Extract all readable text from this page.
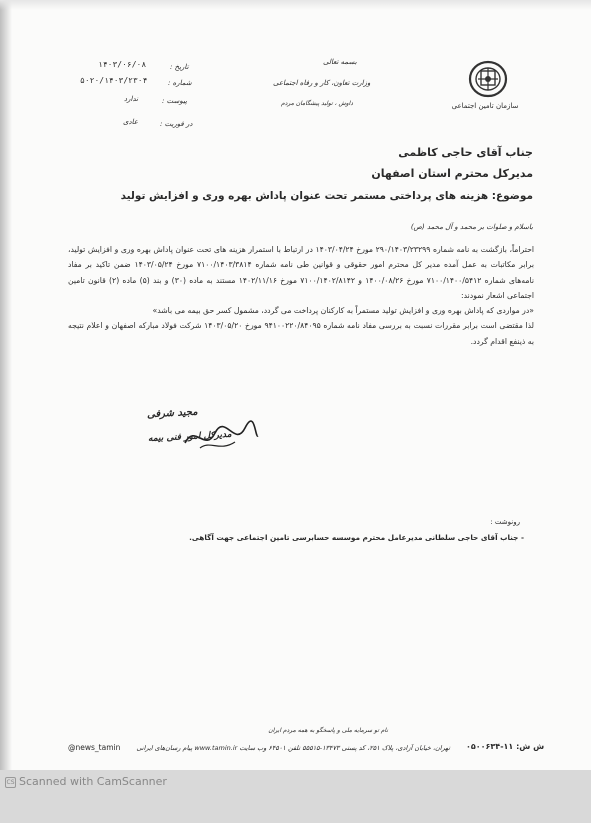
سازمان تامین اجتماعی
بسمه تعالی
وزارت تعاون، کار و رفاه اجتماعی
داوش ، تولید پیشگامان مردم
تاریخ :
۱۴۰۳/۰۶/۰۸
شماره :
۵۰۲۰/۱۴۰۳/۲۳۰۴
پیوست :
ندارد
در فوریت :
عادی
جناب آقای حاجی کاظمی
مدیرکل محترم استان اصفهان
موضوع: هزینه های پرداختی مستمر تحت عنوان پاداش بهره وری و افزایش تولید
باسلام و صلوات بر محمد و آل محمد (ص)

احتراماً، بازگشت به نامه شماره ۲۹۰/۱۴۰۳/۲۳۲۹۹ مورخ ۱۴۰۳/۰۴/۲۴ در ارتباط با استمرار هزینه های تحت عنوان پاداش بهره وری و افزایش تولید، برابر مکاتبات به عمل آمده مدیر کل محترم امور حقوقی و قوانین طی نامه شماره ۷۱۰۰/۱۴۰۳/۳۸۱۴ مورخ ۱۴۰۳/۰۵/۲۴ ضمن تاکید بر مفاد نامه‌های شماره ۷۱۰۰/۱۴۰۰/۵۴۱۲ مورخ ۱۴۰۰/۰۸/۲۶ و ۷۱۰۰/۱۴۰۲/۸۱۴۲ مورخ ۱۴۰۲/۱۱/۱۶ مستند به ماده (۳۰) و بند (۵) ماده (۲) قانون تامین اجتماعی اشعار نمودند:

«در مواردی که پاداش بهره وری و افزایش تولید مستمراً به کارکنان پرداخت می گردد، مشمول کسر حق بیمه می باشد»

لذا مقتضی است برابر مقررات نسبت به بررسی مفاد نامه شماره ۹۴۱۰۰۲۲۰/۸۴۰۹۵ مورخ ۱۴۰۳/۰۵/۲۰ شرکت فولاد مبارکه اصفهان و اعلام نتیجه به ذینفع اقدام گردد.

مجید شرفی
مدیرکل امور فنی بیمه
رونوشت :
- جناب آقای حاجی سلطانی مدیرعامل محترم موسسه حسابرسی تامین اجتماعی جهت آگاهی.
نام تو سرمایه ملی و پاسخگو به همه مردم ایران
تهران، خیابان آزادی، پلاک ۲۵۱، کد پستی ۱۳۴۷۳-۵۵۵۱۵ تلفن ۶۴۵۰۱ وب سایت www.tamin.ir پیام رسان‌های ایرانی
@news_tamin	ش ش: ۱۱-۰۵۰۰۶۳۴
CS Scanned with CamScanner
